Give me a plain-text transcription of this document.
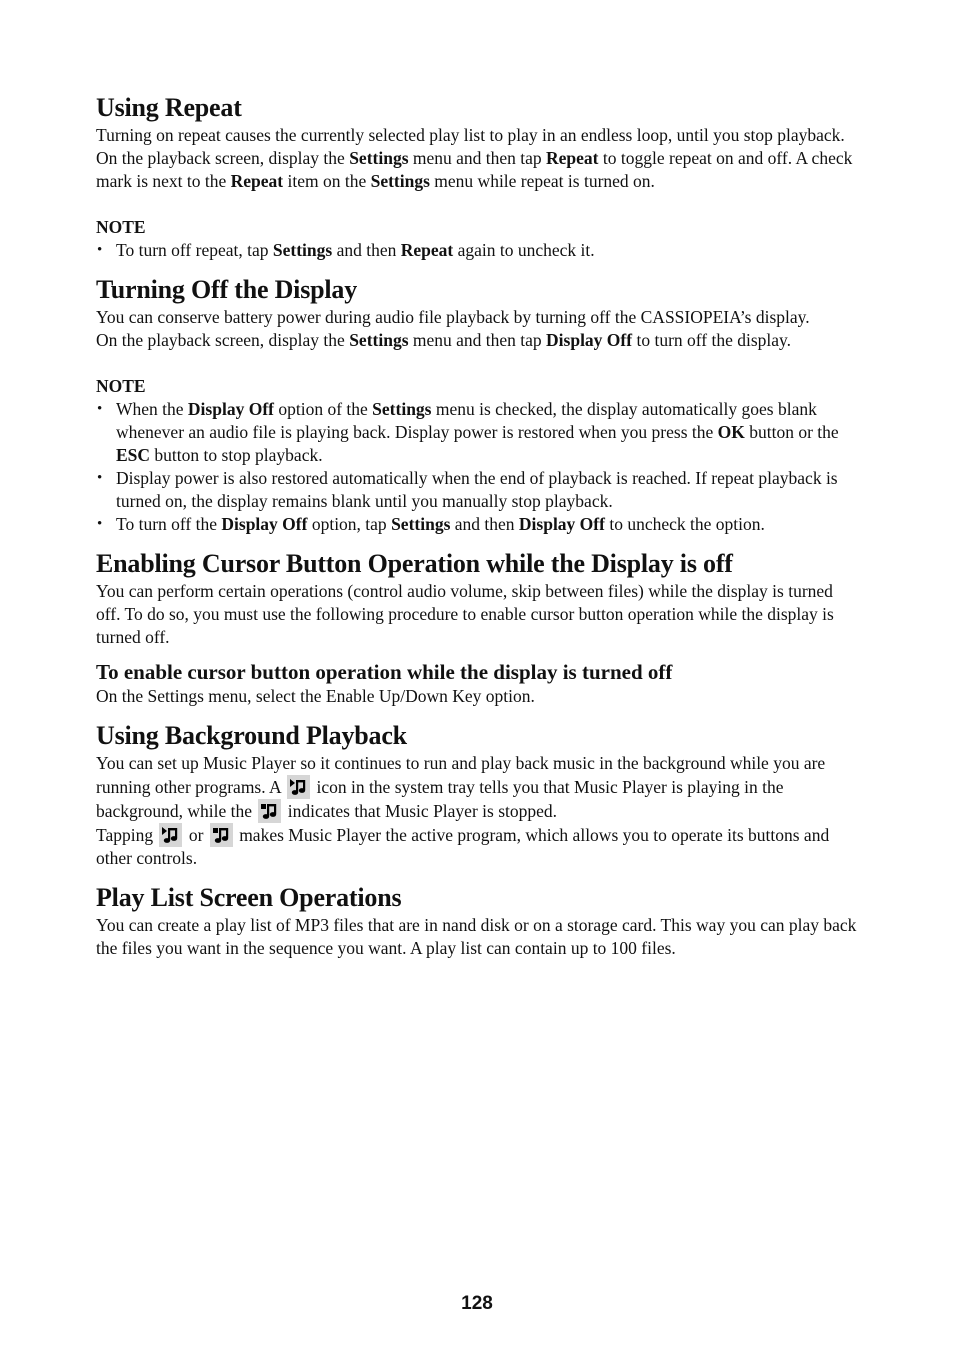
Using Repeat

Turning on repeat causes the currently selected play list to play in an endless loop, until you stop playback.

On the playback screen, display the Settings menu and then tap Repeat to toggle repeat on and off. A check mark is next to the Repeat item on the Settings menu while repeat is turned on.

NOTE

• To turn off repeat, tap Settings and then Repeat again to uncheck it.
Turning Off the Display

You can conserve battery power during audio file playback by turning off the CASSIOPEIA’s display.

On the playback screen, display the Settings menu and then tap Display Off to turn off the display.

NOTE

• When the Display Off option of the Settings menu is checked, the display automatically goes blank whenever an audio file is playing back. Display power is restored when you press the OK button or the ESC button to stop playback.
• Display power is also restored automatically when the end of playback is reached. If repeat playback is turned on, the display remains blank until you manually stop playback.
• To turn off the Display Off option, tap Settings and then Display Off to uncheck the option.
Enabling Cursor Button Operation while the Display is off

You can perform certain operations (control audio volume, skip between files) while the display is turned off. To do so, you must use the following procedure to enable cursor button operation while the display is turned off.

To enable cursor button operation while the display is turned off

On the Settings menu, select the Enable Up/Down Key option.

Using Background Playback

You can set up Music Player so it continues to run and play back music in the background while you are running other programs. A
icon in the system tray tells you that Music Player is playing in the background, while the
indicates that Music Player is stopped.

Tapping
or
makes Music Player the active program, which allows you to operate its buttons and other controls.

Play List Screen Operations

You can create a play list of MP3 files that are in nand disk or on a storage card. This way you can play back the files you want in the sequence you want. A play list can contain up to 100 files.

128
